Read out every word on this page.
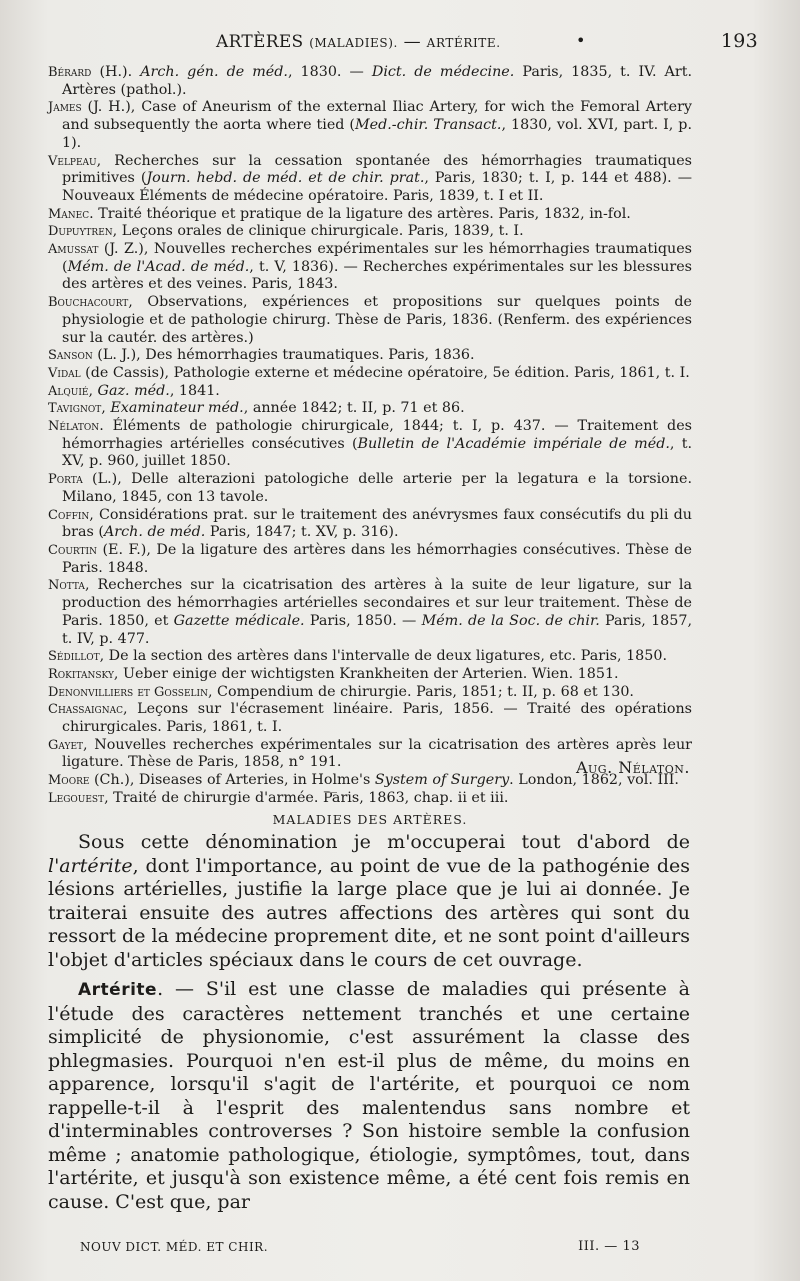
ARTÈRES (MALADIES). — ARTÉRITE.	•	193

Bérard (H.). Arch. gén. de méd., 1830. — Dict. de médecine. Paris, 1835, t. IV. Art. Artères (pathol.).

James (J. H.), Case of Aneurism of the external Iliac Artery, for wich the Femoral Artery and subsequently the aorta where tied (Med.-chir. Transact., 1830, vol. XVI, part. I, p. 1).

Velpeau, Recherches sur la cessation spontanée des hémorrhagies traumatiques primitives (Journ. hebd. de méd. et de chir. prat., Paris, 1830; t. I, p. 144 et 488). — Nouveaux Éléments de médecine opératoire. Paris, 1839, t. I et II.

Manec. Traité théorique et pratique de la ligature des artères. Paris, 1832, in-fol.

Dupuytren, Leçons orales de clinique chirurgicale. Paris, 1839, t. I.

Amussat (J. Z.), Nouvelles recherches expérimentales sur les hémorrhagies traumatiques (Mém. de l'Acad. de méd., t. V, 1836). — Recherches expérimentales sur les blessures des artères et des veines. Paris, 1843.

Bouchacourt, Observations, expériences et propositions sur quelques points de physiologie et de pathologie chirurg. Thèse de Paris, 1836. (Renferm. des expériences sur la cautér. des artères.)

Sanson (L. J.), Des hémorrhagies traumatiques. Paris, 1836.

Vidal (de Cassis), Pathologie externe et médecine opératoire, 5e édition. Paris, 1861, t. I.

Alquié, Gaz. méd., 1841.

Tavignot, Examinateur méd., année 1842; t. II, p. 71 et 86.

Nélaton. Éléments de pathologie chirurgicale, 1844; t. I, p. 437. — Traitement des hémorrhagies artérielles consécutives (Bulletin de l'Académie impériale de méd., t. XV, p. 960, juillet 1850.

Porta (L.), Delle alterazioni patologiche delle arterie per la legatura e la torsione. Milano, 1845, con 13 tavole.

Coffin, Considérations prat. sur le traitement des anévrysmes faux consécutifs du pli du bras (Arch. de méd. Paris, 1847; t. XV, p. 316).

Courtin (E. F.), De la ligature des artères dans les hémorrhagies consécutives. Thèse de Paris. 1848.

Notta, Recherches sur la cicatrisation des artères à la suite de leur ligature, sur la production des hémorrhagies artérielles secondaires et sur leur traitement. Thèse de Paris. 1850, et Gazette médicale. Paris, 1850. — Mém. de la Soc. de chir. Paris, 1857, t. IV, p. 477.

Sédillot, De la section des artères dans l'intervalle de deux ligatures, etc. Paris, 1850.

Rokitansky, Ueber einige der wichtigsten Krankheiten der Arterien. Wien. 1851.

Denonvilliers et Gosselin, Compendium de chirurgie. Paris, 1851; t. II, p. 68 et 130.

Chassaignac, Leçons sur l'écrasement linéaire. Paris, 1856. — Traité des opérations chirurgicales. Paris, 1861, t. I.

Gayet, Nouvelles recherches expérimentales sur la cicatrisation des artères après leur ligature. Thèse de Paris, 1858, n° 191.

Moore (Ch.), Diseases of Arteries, in Holme's System of Surgery. London, 1862, vol. III.

Legouest, Traité de chirurgie d'armée. Paris, 1863, chap. ii et iii.

Aug. Nélaton.
MALADIES DES ARTÈRES.

Sous cette dénomination je m'occuperai tout d'abord de l'artérite, dont l'importance, au point de vue de la pathogénie des lésions artérielles, justifie la large place que je lui ai donnée. Je traiterai ensuite des autres affections des artères qui sont du ressort de la médecine proprement dite, et ne sont point d'ailleurs l'objet d'articles spéciaux dans le cours de cet ouvrage.

Artérite. — S'il est une classe de maladies qui présente à l'étude des caractères nettement tranchés et une certaine simplicité de physionomie, c'est assurément la classe des phlegmasies. Pourquoi n'en est-il plus de même, du moins en apparence, lorsqu'il s'agit de l'artérite, et pourquoi ce nom rappelle-t-il à l'esprit des malentendus sans nombre et d'interminables controverses ? Son histoire semble la confusion même ; anatomie pathologique, étiologie, symptômes, tout, dans l'artérite, et jusqu'à son existence même, a été cent fois remis en cause. C'est que, par

NOUV DICT. MÉD. ET CHIR.	III. — 13
